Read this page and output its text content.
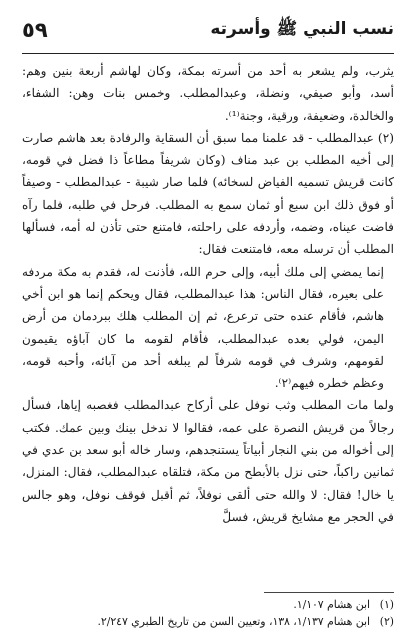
٥٩	نسب النبي ﷺ وأسرته

يثرب، ولم يشعر به أحد من أسرته بمكة، وكان لهاشم أربعة بنين وهم: أسد، وأبو صيفي، ونضلة، وعبدالمطلب. وخمس بنات وهن: الشفاء، والخالدة، وضعيفة، ورقية، وجنة⁽¹⁾.

(٢) عبدالمطلب - قد علمنا مما سبق أن السقاية والرفادة بعد هاشم صارت إلى أخيه المطلب بن عبد مناف (وكان شريفاً مطاعاً ذا فضل في قومه، كانت قريش تسميه الفياض لسخائه) فلما صار شيبة - عبدالمطلب - وصيفاً أو فوق ذلك ابن سبع أو ثمان سمع به المطلب. فرحل في طلبه، فلما رآه فاضت عيناه، وضمه، وأردفه على راحلته، فامتنع حتى تأذن له أمه، فسألها المطلب أن ترسله معه، فامتنعت فقال:

إنما يمضي إلى ملك أبيه، وإلى حرم الله، فأذنت له، فقدم به مكة مردفه على بعيره، فقال الناس: هذا عبدالمطلب، فقال ويحكم إنما هو ابن أخي هاشم، فأقام عنده حتى ترعرع، ثم إن المطلب هلك ببردمان من أرض اليمن، فولي بعده عبدالمطلب، فأقام لقومه ما كان آباؤه يقيمون لقومهم، وشرف في قومه شرفاً لم يبلغه أحد من آبائه، وأحبه قومه، وعظم خطره فيهم⁽٢⁾.

ولما مات المطلب وثب نوفل على أركاح عبدالمطلب فغصبه إياها، فسأل رجالاً من قريش النصرة على عمه، فقالوا لا ندخل بينك وبين عمك. فكتب إلى أخواله من بني النجار أبياتاً يستنجدهم، وسار خاله أبو سعد بن عدي في ثمانين راكباً، حتى نزل بالأبطح من مكة، فتلقاه عبدالمطلب، فقال: المنزل، يا خال! فقال: لا والله حتى ألقى نوفلاً، ثم أقبل فوقف نوفل، وهو جالس في الحجر مع مشايخ قريش، فسلَّ

(١)
ابن هشام ١/١٠٧.
(٢)
ابن هشام ١/١٣٧، ١٣٨، وتعيين السن من تاريخ الطبري ٢/٢٤٧.
